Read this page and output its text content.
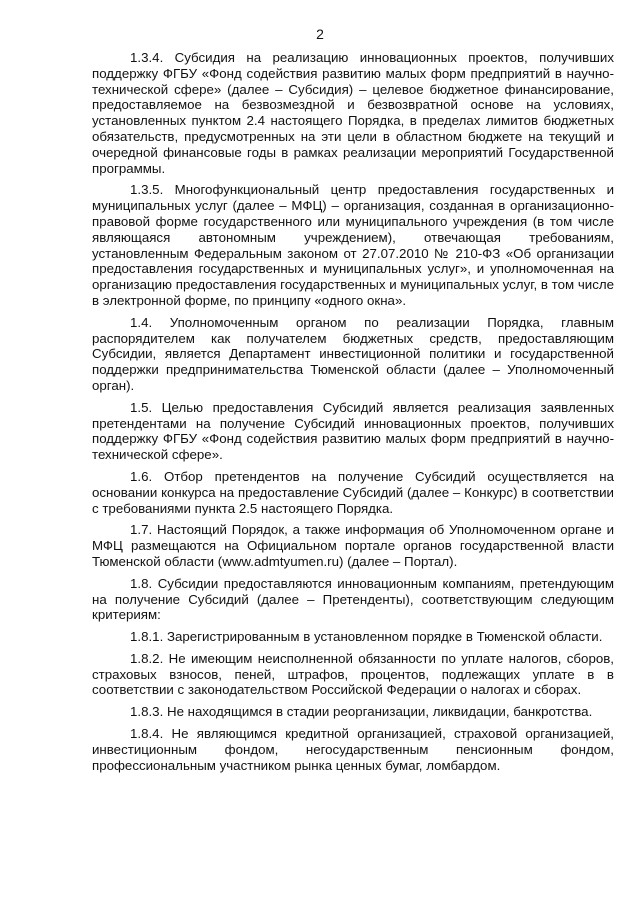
2

1.3.4. Субсидия на реализацию инновационных проектов, получивших поддержку ФГБУ «Фонд содействия развитию малых форм предприятий в научно-технической сфере» (далее – Субсидия) – целевое бюджетное финансирование, предоставляемое на безвозмездной и безвозвратной основе на условиях, установленных пунктом 2.4 настоящего Порядка, в пределах лимитов бюджетных обязательств, предусмотренных на эти цели в областном бюджете на текущий и очередной финансовые годы в рамках реализации мероприятий Государственной программы.

1.3.5. Многофункциональный центр предоставления государственных и муниципальных услуг (далее – МФЦ) – организация, созданная в организационно-правовой форме государственного или муниципального учреждения (в том числе являющаяся автономным учреждением), отвечающая требованиям, установленным Федеральным законом от 27.07.2010 № 210-ФЗ «Об организации предоставления государственных и муниципальных услуг», и уполномоченная на организацию предоставления государственных и муниципальных услуг, в том числе в электронной форме, по принципу «одного окна».

1.4. Уполномоченным органом по реализации Порядка, главным распорядителем как получателем бюджетных средств, предоставляющим Субсидии, является Департамент инвестиционной политики и государственной поддержки предпринимательства Тюменской области (далее – Уполномоченный орган).

1.5. Целью предоставления Субсидий является реализация заявленных претендентами на получение Субсидий инновационных проектов, получивших поддержку ФГБУ «Фонд содействия развитию малых форм предприятий в научно-технической сфере».

1.6. Отбор претендентов на получение Субсидий осуществляется на основании конкурса на предоставление Субсидий (далее – Конкурс) в соответствии с требованиями пункта 2.5 настоящего Порядка.

1.7. Настоящий Порядок, а также информация об Уполномоченном органе и МФЦ размещаются на Официальном портале органов государственной власти Тюменской области (www.admtyumen.ru) (далее – Портал).

1.8. Субсидии предоставляются инновационным компаниям, претендующим на получение Субсидий (далее – Претенденты), соответствующим следующим критериям:

1.8.1. Зарегистрированным в установленном порядке в Тюменской области.

1.8.2. Не имеющим неисполненной обязанности по уплате налогов, сборов, страховых взносов, пеней, штрафов, процентов, подлежащих уплате в в соответствии с законодательством Российской Федерации о налогах и сборах.

1.8.3. Не находящимся в стадии реорганизации, ликвидации, банкротства.

1.8.4. Не являющимся кредитной организацией, страховой организацией, инвестиционным фондом, негосударственным пенсионным фондом, профессиональным участником рынка ценных бумаг, ломбардом.
